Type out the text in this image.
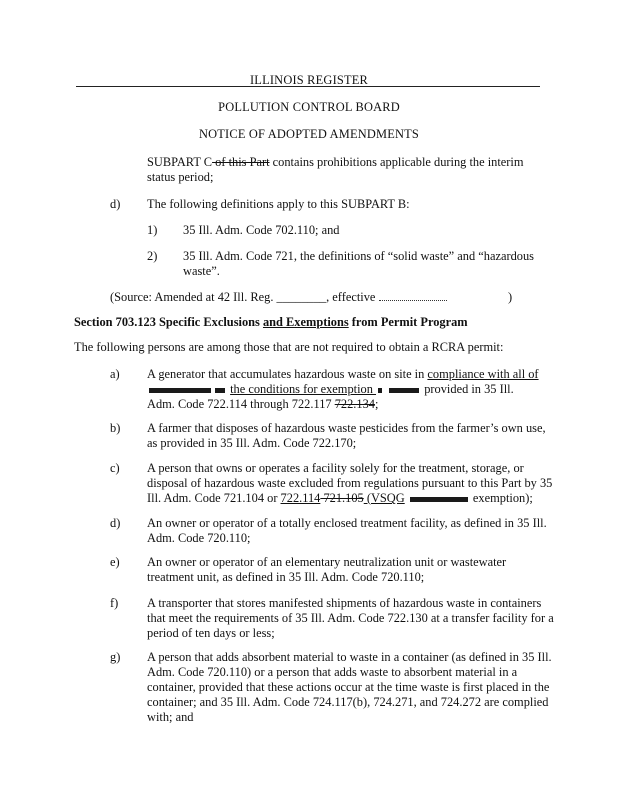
ILLINOIS REGISTER
POLLUTION CONTROL BOARD
NOTICE OF ADOPTED AMENDMENTS
SUBPART C of this Part contains prohibitions applicable during the interim
status period;
d) The following definitions apply to this SUBPART B:
1) 35 Ill. Adm. Code 702.110; and
2) 35 Ill. Adm. Code 721, the definitions of “solid waste” and “hazardous
waste”.
(Source: Amended at 42 Ill. Reg. ________, effective	)
Section 703.123 Specific Exclusions and Exemptions from Permit Program
The following persons are among those that are not required to obtain a RCRA permit:
a) A generator that accumulates hazardous waste on site in compliance with all of
the conditions for exemption	provided in 35 Ill.
Adm. Code 722.114 through 722.117 722.134;
b) A farmer that disposes of hazardous waste pesticides from the farmer’s own use,
as provided in 35 Ill. Adm. Code 722.170;
c) A person that owns or operates a facility solely for the treatment, storage, or
disposal of hazardous waste excluded from regulations pursuant to this Part by 35
Ill. Adm. Code 721.104 or 722.114 721.105 (VSQG	exemption);
d) An owner or operator of a totally enclosed treatment facility, as defined in 35 Ill.
Adm. Code 720.110;
e) An owner or operator of an elementary neutralization unit or wastewater
treatment unit, as defined in 35 Ill. Adm. Code 720.110;
f) A transporter that stores manifested shipments of hazardous waste in containers
that meet the requirements of 35 Ill. Adm. Code 722.130 at a transfer facility for a
period of ten days or less;
g) A person that adds absorbent material to waste in a container (as defined in 35 Ill.
Adm. Code 720.110) or a person that adds waste to absorbent material in a
container, provided that these actions occur at the time waste is first placed in the
container; and 35 Ill. Adm. Code 724.117(b), 724.271, and 724.272 are complied
with; and
